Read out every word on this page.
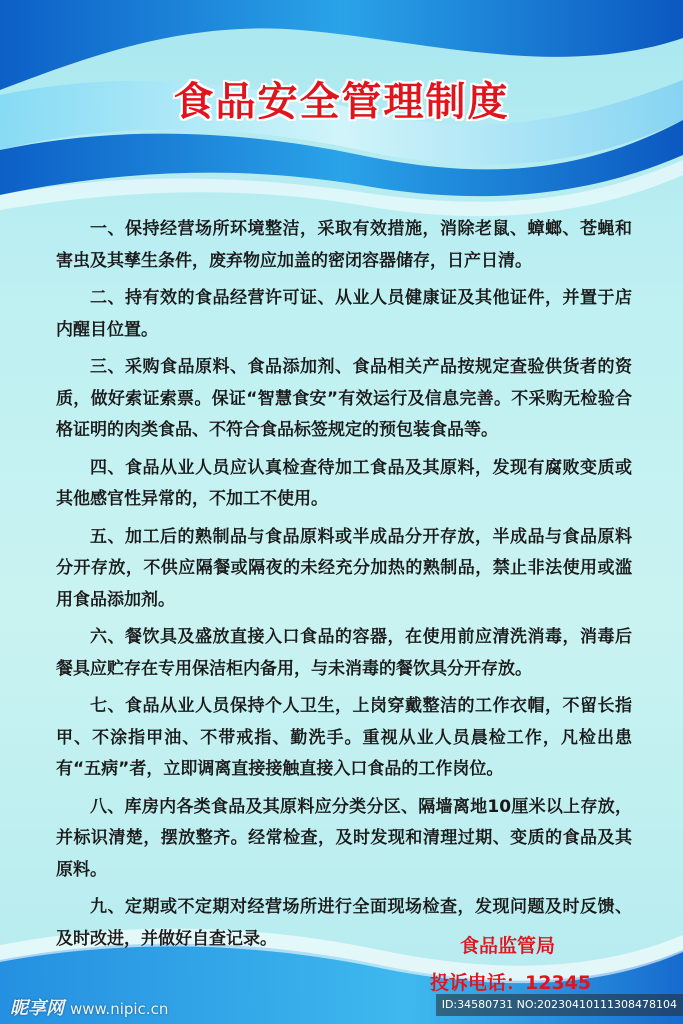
食品安全管理制度

一、保持经营场所环境整洁，采取有效措施，消除老鼠、蟑螂、苍蝇和害虫及其孳生条件，废弃物应加盖的密闭容器储存，日产日清。

二、持有效的食品经营许可证、从业人员健康证及其他证件，并置于店内醒目位置。

三、采购食品原料、食品添加剂、食品相关产品按规定查验供货者的资质，做好索证索票。保证“智慧食安”有效运行及信息完善。不采购无检验合格证明的肉类食品、不符合食品标签规定的预包装食品等。

四、食品从业人员应认真检查待加工食品及其原料，发现有腐败变质或其他感官性异常的，不加工不使用。

五、加工后的熟制品与食品原料或半成品分开存放，半成品与食品原料分开存放，不供应隔餐或隔夜的未经充分加热的熟制品，禁止非法使用或滥用食品添加剂。

六、餐饮具及盛放直接入口食品的容器，在使用前应清洗消毒，消毒后餐具应贮存在专用保洁柜内备用，与未消毒的餐饮具分开存放。

七、食品从业人员保持个人卫生，上岗穿戴整洁的工作衣帽，不留长指甲、不涂指甲油、不带戒指、勤洗手。重视从业人员晨检工作，凡检出患有“五病”者，立即调离直接接触直接入口食品的工作岗位。

八、库房内各类食品及其原料应分类分区、隔墙离地10厘米以上存放，并标识清楚，摆放整齐。经常检查，及时发现和清理过期、变质的食品及其原料。

九、定期或不定期对经营场所进行全面现场检查，发现问题及时反馈、及时改进，并做好自查记录。	食品监管局
投诉电话：12345
昵享网 www.nipic.cn	ID:34580731 NO:20230410111308478104
